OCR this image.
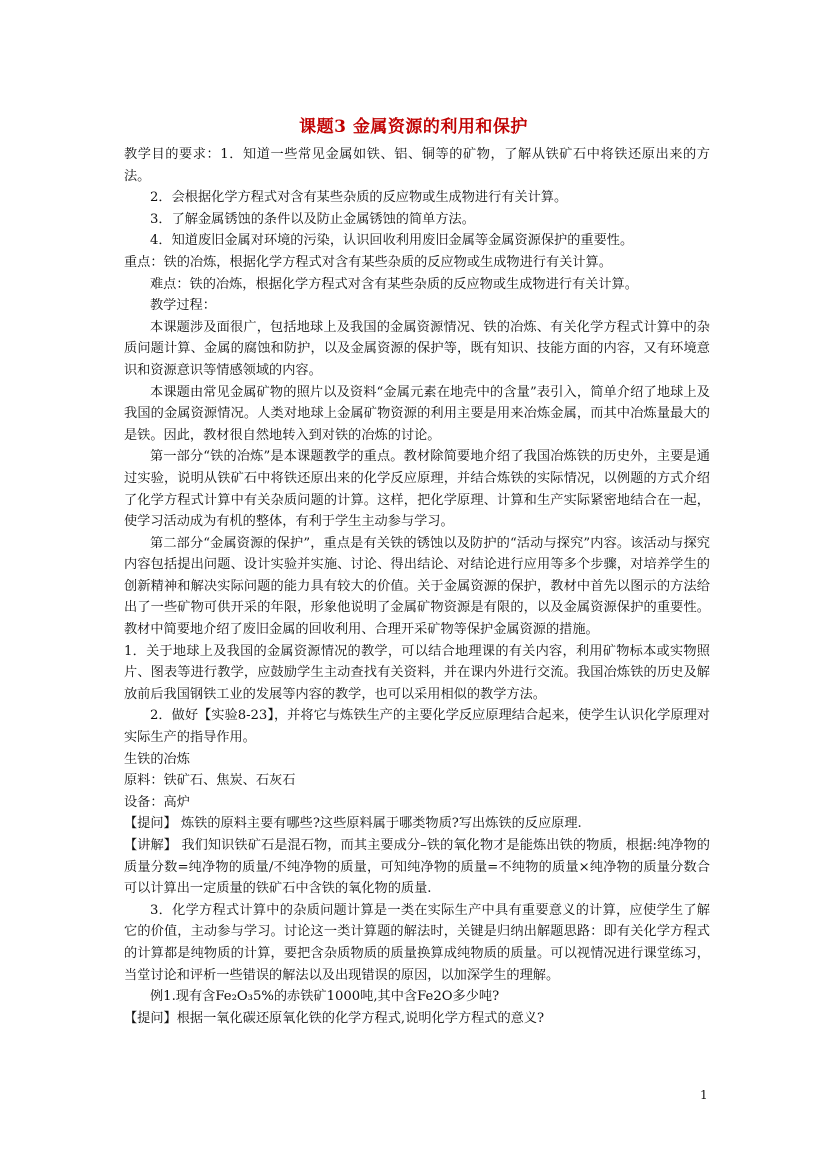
课题3 金属资源的利用和保护

教学目的要求：1．知道一些常见金属如铁、铝、铜等的矿物，了解从铁矿石中将铁还原出来的方法。

2．会根据化学方程式对含有某些杂质的反应物或生成物进行有关计算。

3．了解金属锈蚀的条件以及防止金属锈蚀的简单方法。

4．知道废旧金属对环境的污染，认识回收利用废旧金属等金属资源保护的重要性。

重点：铁的冶炼，根据化学方程式对含有某些杂质的反应物或生成物进行有关计算。

难点：铁的冶炼，根据化学方程式对含有某些杂质的反应物或生成物进行有关计算。

教学过程：

本课题涉及面很广，包括地球上及我国的金属资源情况、铁的冶炼、有关化学方程式计算中的杂质问题计算、金属的腐蚀和防护，以及金属资源的保护等，既有知识、技能方面的内容，又有环境意识和资源意识等情感领域的内容。

本课题由常见金属矿物的照片以及资料“金属元素在地壳中的含量”表引入，简单介绍了地球上及我国的金属资源情况。人类对地球上金属矿物资源的利用主要是用来冶炼金属，而其中冶炼量最大的是铁。因此，教材很自然地转入到对铁的冶炼的讨论。

第一部分“铁的冶炼”是本课题教学的重点。教材除简要地介绍了我国冶炼铁的历史外，主要是通过实验，说明从铁矿石中将铁还原出来的化学反应原理，并结合炼铁的实际情况，以例题的方式介绍了化学方程式计算中有关杂质问题的计算。这样，把化学原理、计算和生产实际紧密地结合在一起，使学习活动成为有机的整体，有利于学生主动参与学习。

第二部分“金属资源的保护”，重点是有关铁的锈蚀以及防护的“活动与探究”内容。该活动与探究内容包括提出问题、设计实验并实施、讨论、得出结论、对结论进行应用等多个步骤，对培养学生的创新精神和解决实际问题的能力具有较大的价值。关于金属资源的保护，教材中首先以图示的方法给出了一些矿物可供开采的年限，形象他说明了金属矿物资源是有限的，以及金属资源保护的重要性。教材中简要地介绍了废旧金属的回收利用、合理开采矿物等保护金属资源的措施。

1．关于地球上及我国的金属资源情况的教学，可以结合地理课的有关内容，利用矿物标本或实物照片、图表等进行教学，应鼓励学生主动查找有关资料，并在课内外进行交流。我国冶炼铁的历史及解放前后我国钢铁工业的发展等内容的教学，也可以采用相似的教学方法。

2．做好【实验8-23】，并将它与炼铁生产的主要化学反应原理结合起来，使学生认识化学原理对实际生产的指导作用。

生铁的冶炼

原料：铁矿石、焦炭、石灰石

设备：高炉

【提问】 炼铁的原料主要有哪些?这些原料属于哪类物质?写出炼铁的反应原理.

【讲解】 我们知识铁矿石是混石物，而其主要成分–铁的氧化物才是能炼出铁的物质，根据:纯净物的质量分数=纯净物的质量/不纯净物的质量，可知纯净物的质量=不纯物的质量×纯净物的质量分数合可以计算出一定质量的铁矿石中含铁的氧化物的质量.

3．化学方程式计算中的杂质问题计算是一类在实际生产中具有重要意义的计算，应使学生了解它的价值，主动参与学习。讨论这一类计算题的解法时，关键是归纳出解题思路：即有关化学方程式的计算都是纯物质的计算，要把含杂质物质的质量换算成纯物质的质量。可以视情况进行课堂练习，当堂讨论和评析一些错误的解法以及出现错误的原因，以加深学生的理解。

例1.现有含Fe₂O₃5%的赤铁矿1000吨,其中含Fe2O多少吨?

【提问】根据一氧化碳还原氧化铁的化学方程式,说明化学方程式的意义?

1
